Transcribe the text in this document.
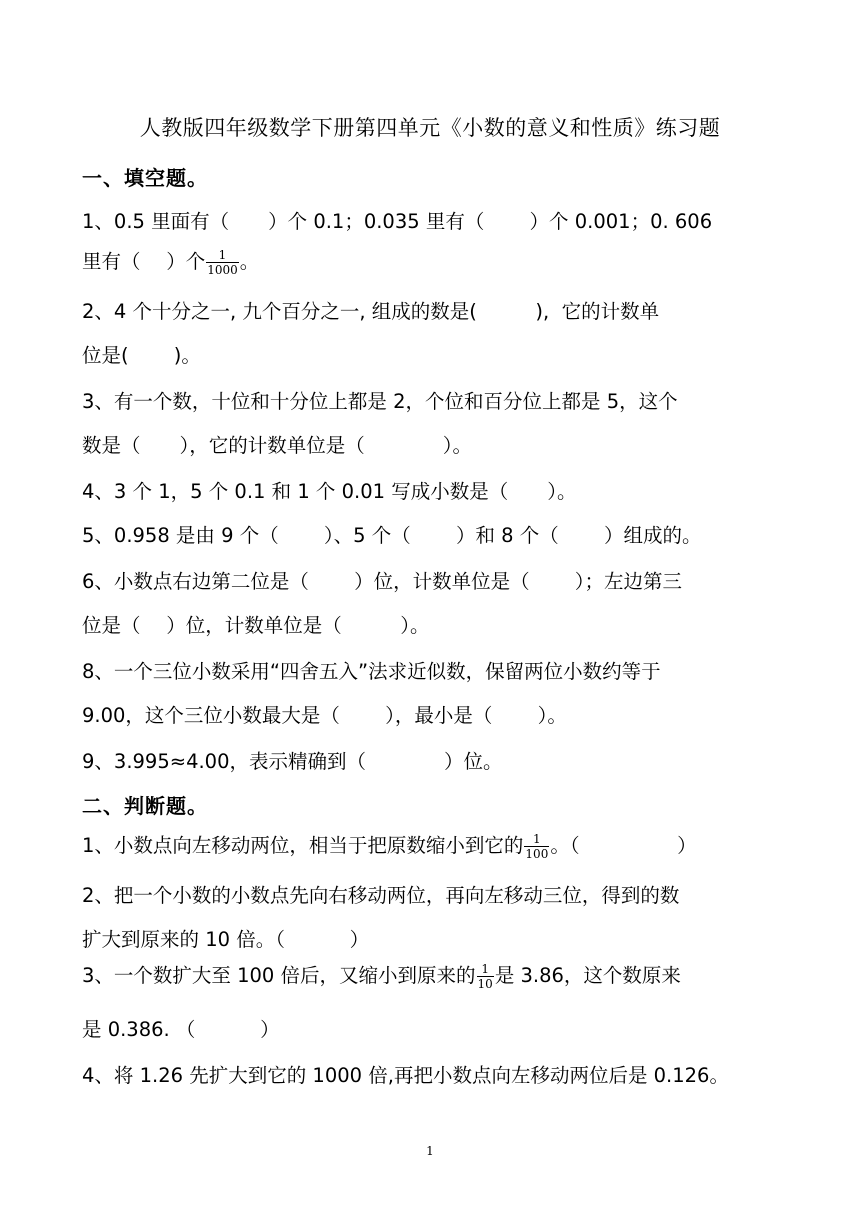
人教版四年级数学下册第四单元《小数的意义和性质》练习题
一、填空题。
1、0.5 里面有（　　）个 0.1；0.035 里有（　　 ）个 0.001；0. 606
里有（　 ）个 $\frac{1}{1000}$ 。
2、4 个十分之一, 九个百分之一, 组成的数是(　　　),  它的计数单
位是(　　 )。
3、有一个数，十位和十分位上都是 2，个位和百分位上都是 5，这个
数是（　　），它的计数单位是（　　　　）。
4、3 个 1，5 个 0.1 和 1 个 0.01 写成小数是（　　）。
5、0.958 是由 9 个（　　 ）、5 个（　　 ）和 8 个（　　 ）组成的。
6、小数点右边第二位是（　　 ）位，计数单位是（　　 ）；左边第三
位是（　 ）位，计数单位是（　　　）。
8、一个三位小数采用“四舍五入”法求近似数，保留两位小数约等于
9.00，这个三位小数最大是（　　 ），最小是（　　 ）。
9、3.995≈4.00，表示精确到（　　　　）位。
二、判断题。
1、小数点向左移动两位，相当于把原数缩小到它的 $\frac{1}{100}$ 。（　　　　　）
2、把一个小数的小数点先向右移动两位，再向左移动三位，得到的数
扩大到原来的 10 倍。（　　　 ）
3、一个数扩大至 100 倍后，又缩小到原来的 $\frac{1}{10}$ 是 3.86，这个数原来
是 0.386. （　　　 ）
4、将 1.26 先扩大到它的 1000 倍,再把小数点向左移动两位后是 0.126。
1
